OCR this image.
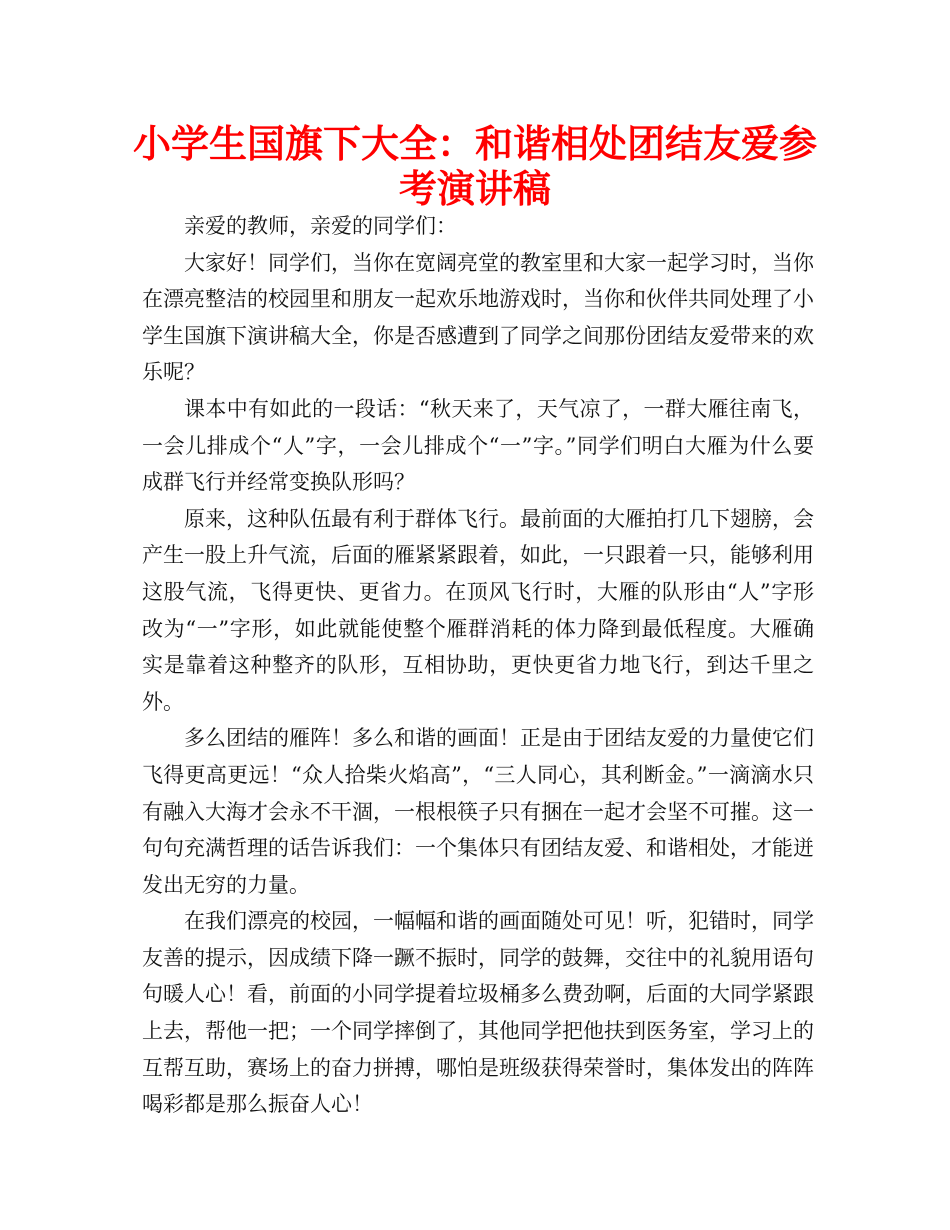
小学生国旗下大全：和谐相处团结友爱参考演讲稿

亲爱的教师，亲爱的同学们：

大家好！同学们，当你在宽阔亮堂的教室里和大家一起学习时，当你在漂亮整洁的校园里和朋友一起欢乐地游戏时，当你和伙伴共同处理了小学生国旗下演讲稿大全，你是否感遭到了同学之间那份团结友爱带来的欢乐呢？

课本中有如此的一段话：“秋天来了，天气凉了，一群大雁往南飞，一会儿排成个“人”字，一会儿排成个“一”字。”同学们明白大雁为什么要成群飞行并经常变换队形吗？

原来，这种队伍最有利于群体飞行。最前面的大雁拍打几下翅膀，会产生一股上升气流，后面的雁紧紧跟着，如此，一只跟着一只，能够利用这股气流，飞得更快、更省力。在顶风飞行时，大雁的队形由“人”字形改为“一”字形，如此就能使整个雁群消耗的体力降到最低程度。大雁确实是靠着这种整齐的队形，互相协助，更快更省力地飞行，到达千里之外。

多么团结的雁阵！多么和谐的画面！正是由于团结友爱的力量使它们飞得更高更远！“众人拾柴火焰高”，“三人同心，其利断金。”一滴滴水只有融入大海才会永不干涸，一根根筷子只有捆在一起才会坚不可摧。这一句句充满哲理的话告诉我们：一个集体只有团结友爱、和谐相处，才能迸发出无穷的力量。

在我们漂亮的校园，一幅幅和谐的画面随处可见！听，犯错时，同学友善的提示，因成绩下降一蹶不振时，同学的鼓舞，交往中的礼貌用语句句暖人心！看，前面的小同学提着垃圾桶多么费劲啊，后面的大同学紧跟上去，帮他一把；一个同学摔倒了，其他同学把他扶到医务室，学习上的互帮互助，赛场上的奋力拼搏，哪怕是班级获得荣誉时，集体发出的阵阵喝彩都是那么振奋人心！
